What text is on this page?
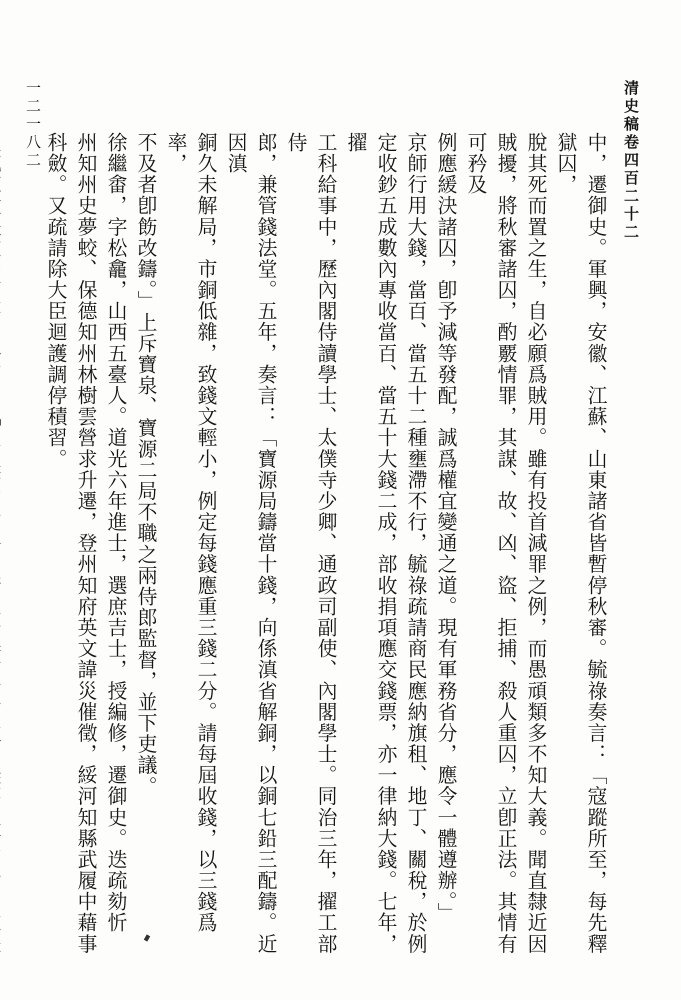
清史稿卷四百二十二
一二一八二

中，遷御史。軍興，安徽、江蘇、山東諸省皆暫停秋審。毓祿奏言：「寇蹤所至，每先釋獄囚，
脫其死而置之生，自必願爲賊用。雖有投首減罪之例，而愚頑類多不知大義。聞直隸近因
賊擾，將秋審諸囚，酌覈情罪，其謀、故、凶、盜、拒捕、殺人重囚，立卽正法。其情有可矜及
例應緩決諸囚，卽予減等發配，誠爲權宜變通之道。現有軍務省分，應令一體遵辦。」

京師行用大錢，當百、當五十二種壅滯不行，毓祿疏請商民應納旗租、地丁、關稅，於例
定收鈔五成數內專收當百、當五十大錢二成，部收捐項應交錢票，亦一律納大錢。七年，擢
工科給事中，歷內閣侍讀學士、太僕寺少卿、通政司副使、內閣學士。同治三年，擢工部侍
郎，兼管錢法堂。五年，奏言：「寶源局鑄當十錢，向係滇省解銅，以銅七鉛三配鑄。近因滇
銅久未解局，市銅低雜，致錢文輕小，例定每錢應重三錢二分。請每屆收錢，以三錢爲率，
不及者卽飭改鑄。」上斥寶泉、寶源二局不職之兩侍郎監督，並下吏議。

徐繼畬，字松龕，山西五臺人。道光六年進士，選庶吉士，授編修，遷御史。迭疏劾忻
州知州史夢蛟、保德知州林樹雲營求升遷，登州知府英文諱災催徵，綏河知縣武履中藉事
科斂。又疏請除大臣迴護調停積習。
